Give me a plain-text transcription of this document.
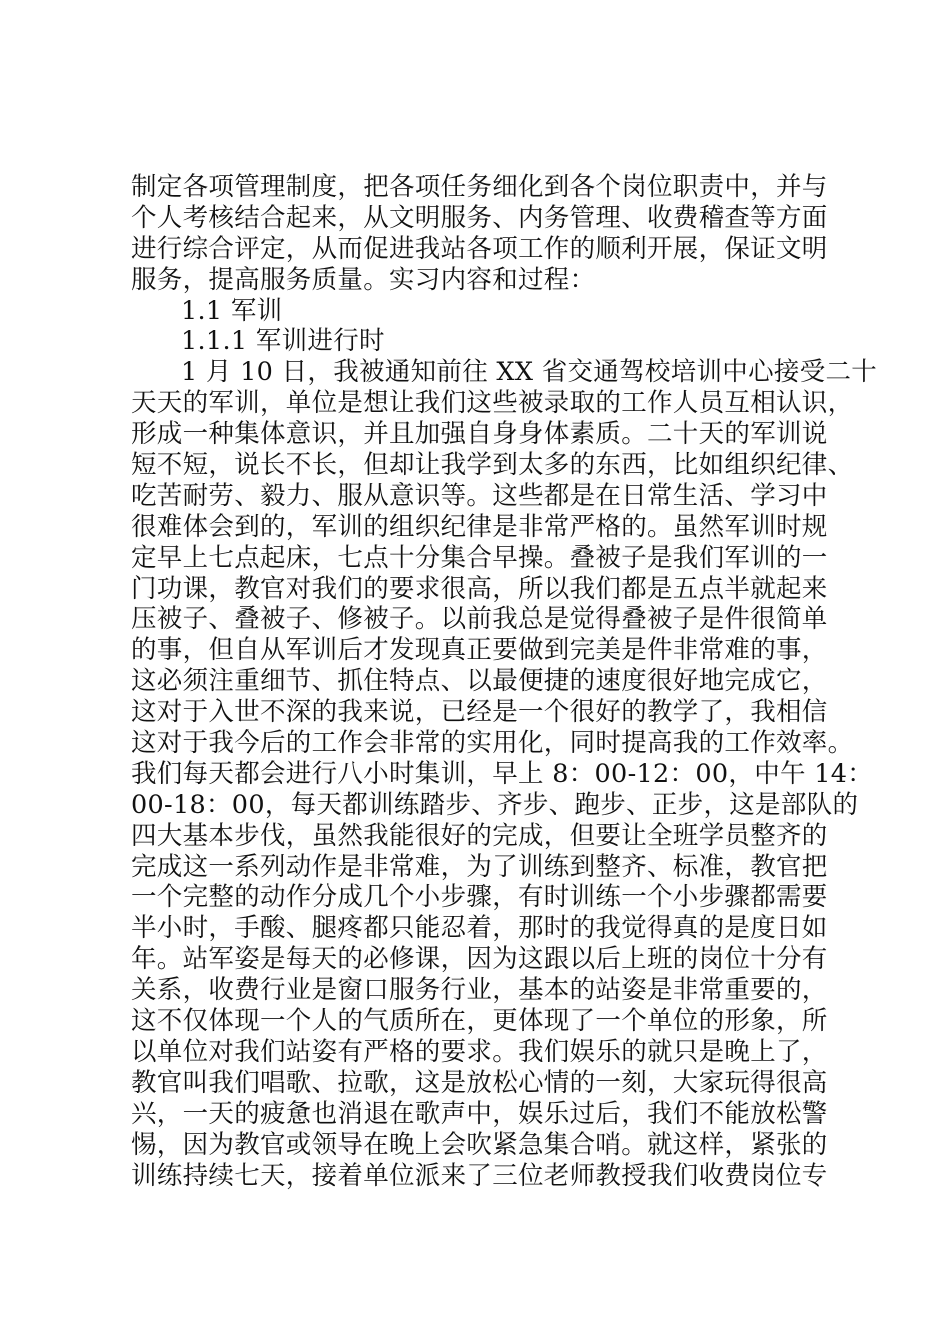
制定各项管理制度，把各项任务细化到各个岗位职责中，并与
个人考核结合起来，从文明服务、内务管理、收费稽查等方面
进行综合评定，从而促进我站各项工作的顺利开展，保证文明
服务，提高服务质量。实习内容和过程：
1.1 军训
1.1.1 军训进行时
1 月 10 日，我被通知前往 XX 省交通驾校培训中心接受二十
天天的军训，单位是想让我们这些被录取的工作人员互相认识，
形成一种集体意识，并且加强自身身体素质。二十天的军训说
短不短，说长不长，但却让我学到太多的东西，比如组织纪律、
吃苦耐劳、毅力、服从意识等。这些都是在日常生活、学习中
很难体会到的，军训的组织纪律是非常严格的。虽然军训时规
定早上七点起床，七点十分集合早操。叠被子是我们军训的一
门功课，教官对我们的要求很高，所以我们都是五点半就起来
压被子、叠被子、修被子。以前我总是觉得叠被子是件很简单
的事，但自从军训后才发现真正要做到完美是件非常难的事，
这必须注重细节、抓住特点、以最便捷的速度很好地完成它，
这对于入世不深的我来说，已经是一个很好的教学了，我相信
这对于我今后的工作会非常的实用化，同时提高我的工作效率。
我们每天都会进行八小时集训，早上 8：00-12：00，中午 14：
00-18：00，每天都训练踏步、齐步、跑步、正步，这是部队的
四大基本步伐，虽然我能很好的完成，但要让全班学员整齐的
完成这一系列动作是非常难，为了训练到整齐、标准，教官把
一个完整的动作分成几个小步骤，有时训练一个小步骤都需要
半小时，手酸、腿疼都只能忍着，那时的我觉得真的是度日如
年。站军姿是每天的必修课，因为这跟以后上班的岗位十分有
关系，收费行业是窗口服务行业，基本的站姿是非常重要的，
这不仅体现一个人的气质所在，更体现了一个单位的形象，所
以单位对我们站姿有严格的要求。我们娱乐的就只是晚上了，
教官叫我们唱歌、拉歌，这是放松心情的一刻，大家玩得很高
兴，一天的疲惫也消退在歌声中，娱乐过后，我们不能放松警
惕，因为教官或领导在晚上会吹紧急集合哨。就这样，紧张的
训练持续七天，接着单位派来了三位老师教授我们收费岗位专
